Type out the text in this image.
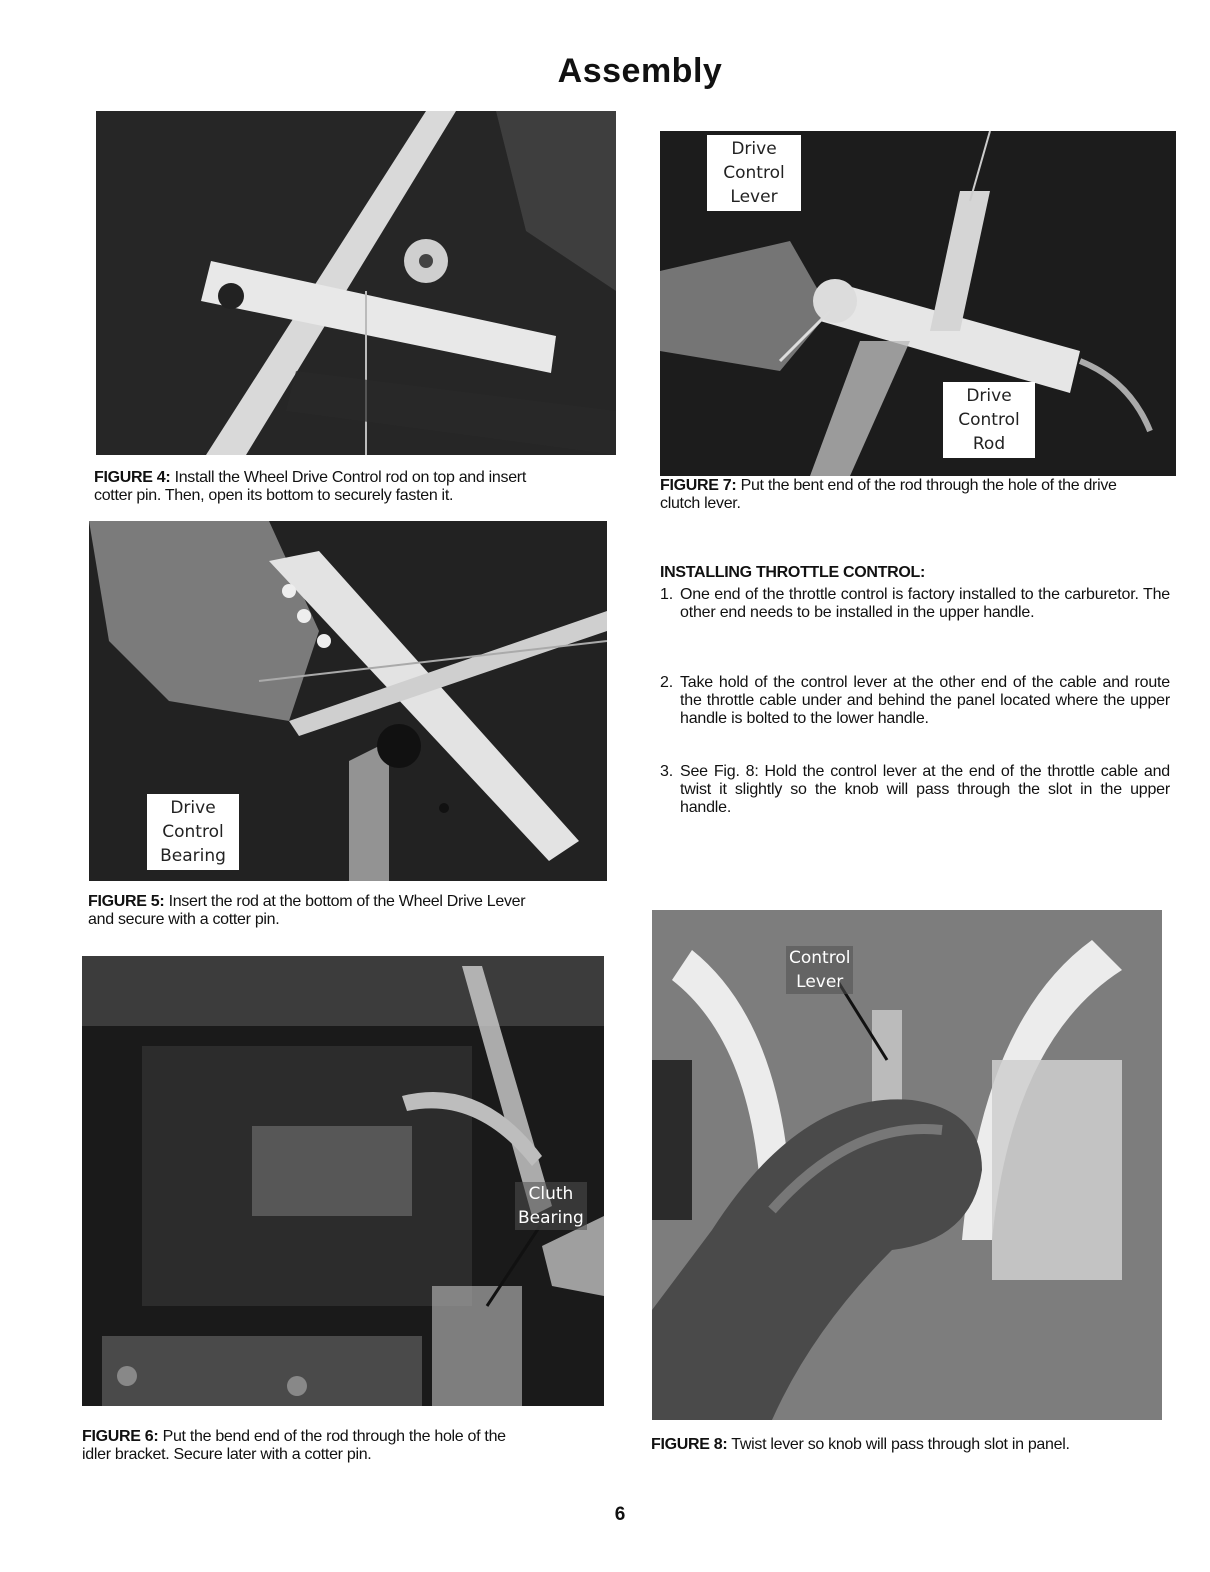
Assembly
FIGURE 4: Install the Wheel Drive Control rod on top and insert
cotter pin. Then, open its bottom to securely fasten it.
Drive
Control
Bearing
FIGURE 5: Insert the rod at the bottom of the Wheel Drive Lever
and secure with a cotter pin.
Cluth
Bearing
FIGURE 6: Put the bend end of the rod through the hole of the
idler bracket. Secure later with a cotter pin.
Drive
Control
Lever
Drive
Control
Rod
FIGURE 7: Put the bent end of the rod through the hole of the drive
clutch lever.
INSTALLING THROTTLE CONTROL:
1. One end of the throttle control is factory installed to the carburetor. The other end needs to be installed in the upper handle.
2. Take hold of the control lever at the other end of the cable and route the throttle cable under and behind the panel located where the upper handle is bolted to the lower handle.
3. See Fig. 8: Hold the control lever at the end of the throttle cable and twist it slightly so the knob will pass through the slot in the upper handle.
Control
Lever
FIGURE 8: Twist lever so knob will pass through slot in panel.
6
